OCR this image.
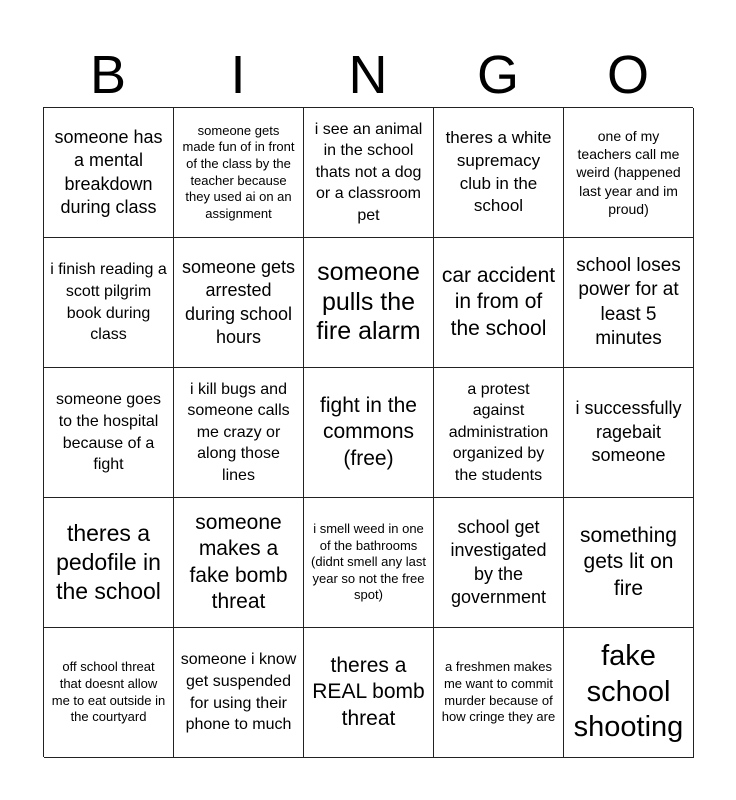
B	I	N	G	O
someone has a mental breakdown during class
someone gets made fun of in front of the class by the teacher because they used ai on an assignment
i see an animal in the school thats not a dog or a classroom pet
theres a white supremacy club in the school
one of my teachers call me weird (happened last year and im proud)
i finish reading a scott pilgrim book during class
someone gets arrested during school hours
someone pulls the fire alarm
car accident in from of the school
school loses power for at least 5 minutes
someone goes to the hospital because of a fight
i kill bugs and someone calls me crazy or along those lines
fight in the commons (free)
a protest against administration organized by the students
i successfully ragebait someone
theres a pedofile in the school
someone makes a fake bomb threat
i smell weed in one of the bathrooms (didnt smell any last year so not the free spot)
school get investigated by the government
something gets lit on fire
off school threat that doesnt allow me to eat outside in the courtyard
someone i know get suspended for using their phone to much
theres a REAL bomb threat
a freshmen makes me want to commit murder because of how cringe they are
fake school shooting
